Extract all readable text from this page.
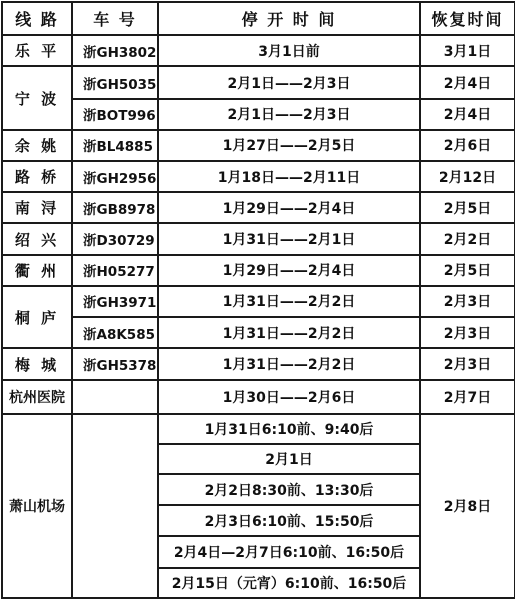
线 路	车 号	停 开 时 间	恢复时间
乐 平	浙GH3802	3月1日前	3月1日
宁 波	浙GH5035	2月1日——2月3日	2月4日
	浙BOT996	2月1日——2月3日	2月4日
余 姚	浙BL4885	1月27日——2月5日	2月6日
路 桥	浙GH2956	1月18日——2月11日	2月12日
南 浔	浙GB8978	1月29日——2月4日	2月5日
绍 兴	浙D30729	1月31日——2月1日	2月2日
衢 州	浙H05277	1月29日——2月4日	2月5日
桐 庐	浙GH3971	1月31日——2月2日	2月3日
	浙A8K585	1月31日——2月2日	2月3日
梅 城	浙GH5378	1月31日——2月2日	2月3日
杭州医院		1月30日——2月6日	2月7日
萧山机场		1月31日6:10前、9:40后	2月8日
		2月1日	
		2月2日8:30前、13:30后	
		2月3日6:10前、15:50后	
		2月4日—2月7日6:10前、16:50后	
		2月15日（元宵）6:10前、16:50后	
